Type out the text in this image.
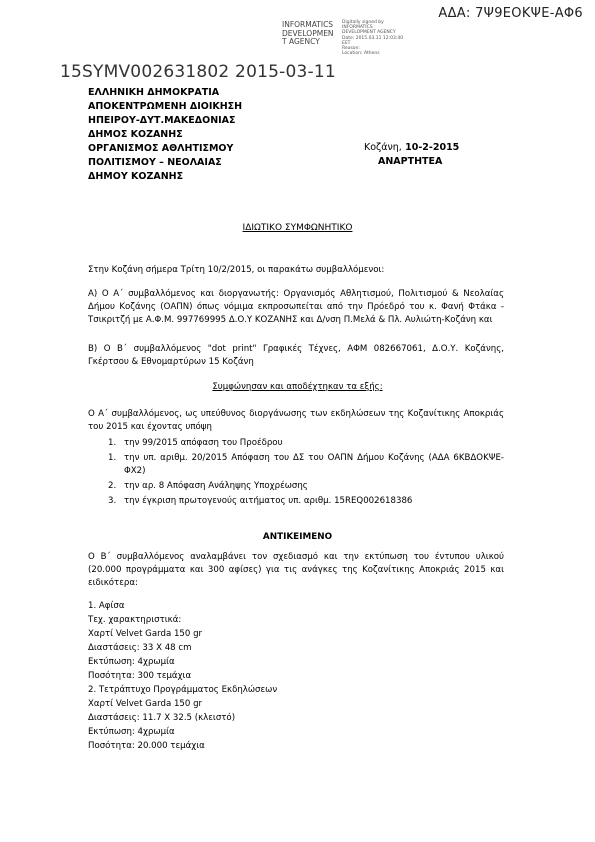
ΑΔΑ: 7Ψ9ΕΟΚΨΕ-ΑΦ6
INFORMATICS
DEVELOPMEN
T AGENCY
Digitally signed by
INFORMATICS
DEVELOPMENT AGENCY
Date: 2015.03.11 12:03:40
EET
Reason:
Location: Athens
15SYMV002631802 2015-03-11
ΕΛΛΗΝΙΚΗ ΔΗΜΟΚΡΑΤΙΑ
ΑΠΟΚΕΝΤΡΩΜΕΝΗ ΔΙΟΙΚΗΣΗ
ΗΠΕΙΡΟΥ-ΔΥΤ.ΜΑΚΕΔΟΝΙΑΣ
ΔΗΜΟΣ ΚΟΖΑΝΗΣ
ΟΡΓΑΝΙΣΜΟΣ ΑΘΛΗΤΙΣΜΟΥ
ΠΟΛΙΤΙΣΜΟΥ – ΝΕΟΛΑΙΑΣ
ΔΗΜΟΥ ΚΟΖΑΝΗΣ
Κοζάνη, 10-2-2015
ΑΝΑΡΤΗΤΕΑ
ΙΔΙΩΤΙΚΟ ΣΥΜΦΩΝΗΤΙΚΟ

Στην Κοζάνη σήμερα Τρίτη 10/2/2015, οι παρακάτω συμβαλλόμενοι:

Α) Ο Α΄ συμβαλλόμενος και διοργανωτής: Οργανισμός Αθλητισμού, Πολιτισμού & Νεολαίας Δήμου Κοζάνης (ΟΑΠΝ) όπως νόμιμα εκπροσωπείται από την Πρόεδρό του κ. Φανή Φτάκα - Τσικριτζή με Α.Φ.Μ. 997769995 Δ.Ο.Υ ΚΟΖΑΝΗΣ και Δ/νση Π.Μελά & Πλ. Αυλιώτη-Κοζάνη και

Β) Ο Β΄ συμβαλλόμενος "dot print" Γραφικές Τέχνες, ΑΦΜ 082667061, Δ.Ο.Υ. Κοζάνης, Γκέρτσου & Εθνομαρτύρων 15 Κοζάνη

Συμφώνησαν και αποδέχτηκαν τα εξής:

Ο Α΄ συμβαλλόμενος, ως υπεύθυνος διοργάνωσης των εκδηλώσεων της Κοζανίτικης Αποκριάς του 2015 και έχοντας υπόψη

1. την 99/2015 απόφαση του Προέδρου
1. την υπ. αριθμ. 20/2015 Απόφαση του ΔΣ του ΟΑΠΝ Δήμου Κοζάνης (ΑΔΑ 6ΚΒΔΟΚΨΕ-ΦΧ2)
2. την αρ. 8 Απόφαση Ανάληψης Υποχρέωσης
3. την έγκριση πρωτογενούς αιτήματος υπ. αριθμ. 15REQ002618386
ΑΝΤΙΚΕΙΜΕΝΟ

Ο Β΄ συμβαλλόμενος αναλαμβάνει τον σχεδιασμό και την εκτύπωση του έντυπου υλικού (20.000 προγράμματα και 300 αφίσες) για τις ανάγκες της Κοζανίτικης Αποκριάς 2015 και ειδικότερα:

1. Αφίσα
Τεχ. χαρακτηριστικά:
Χαρτί Velvet Garda 150 gr
Διαστάσεις: 33 Χ 48 cm
Εκτύπωση: 4χρωμία
Ποσότητα: 300 τεμάχια
2. Τετράπτυχο Προγράμματος Εκδηλώσεων
Χαρτί Velvet Garda 150 gr
Διαστάσεις: 11.7 Χ 32.5 (κλειστό)
Εκτύπωση: 4χρωμία
Ποσότητα: 20.000 τεμάχια
